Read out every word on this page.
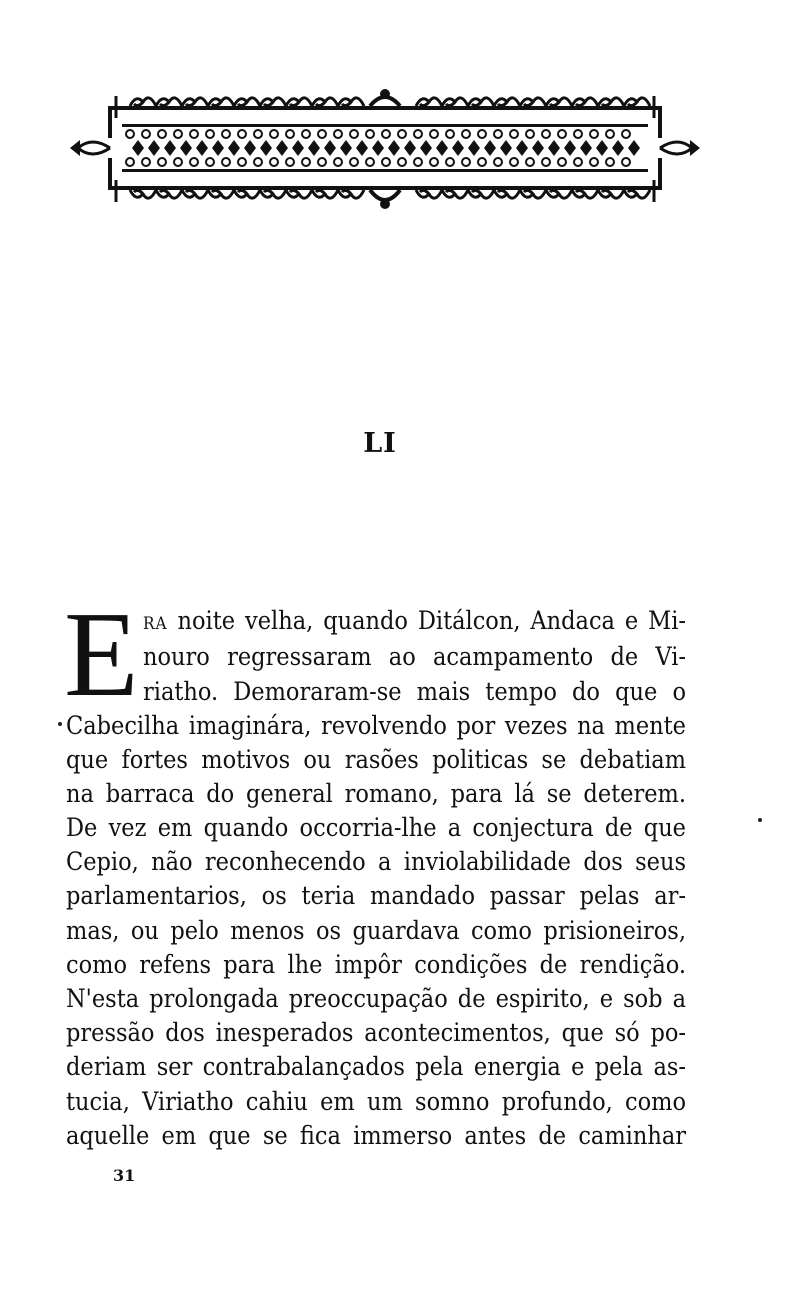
LI
E RA noite velha, quando Ditálcon, Andaca e Mi-
nouro regressaram ao acampamento de Vi-
riatho. Demoraram-se mais tempo do que o
Cabecilha imaginára, revolvendo por vezes na mente
que fortes motivos ou rasões politicas se debatiam
na barraca do general romano, para lá se deterem.
De vez em quando occorria-lhe a conjectura de que
Cepio, não reconhecendo a inviolabilidade dos seus
parlamentarios, os teria mandado passar pelas ar-
mas, ou pelo menos os guardava como prisioneiros,
como refens para lhe impôr condições de rendição.
N'esta prolongada preoccupação de espirito, e sob a
pressão dos inesperados acontecimentos, que só po-
deriam ser contrabalançados pela energia e pela as-
tucia, Viriatho cahiu em um somno profundo, como
aquelle em que se fica immerso antes de caminhar
31
